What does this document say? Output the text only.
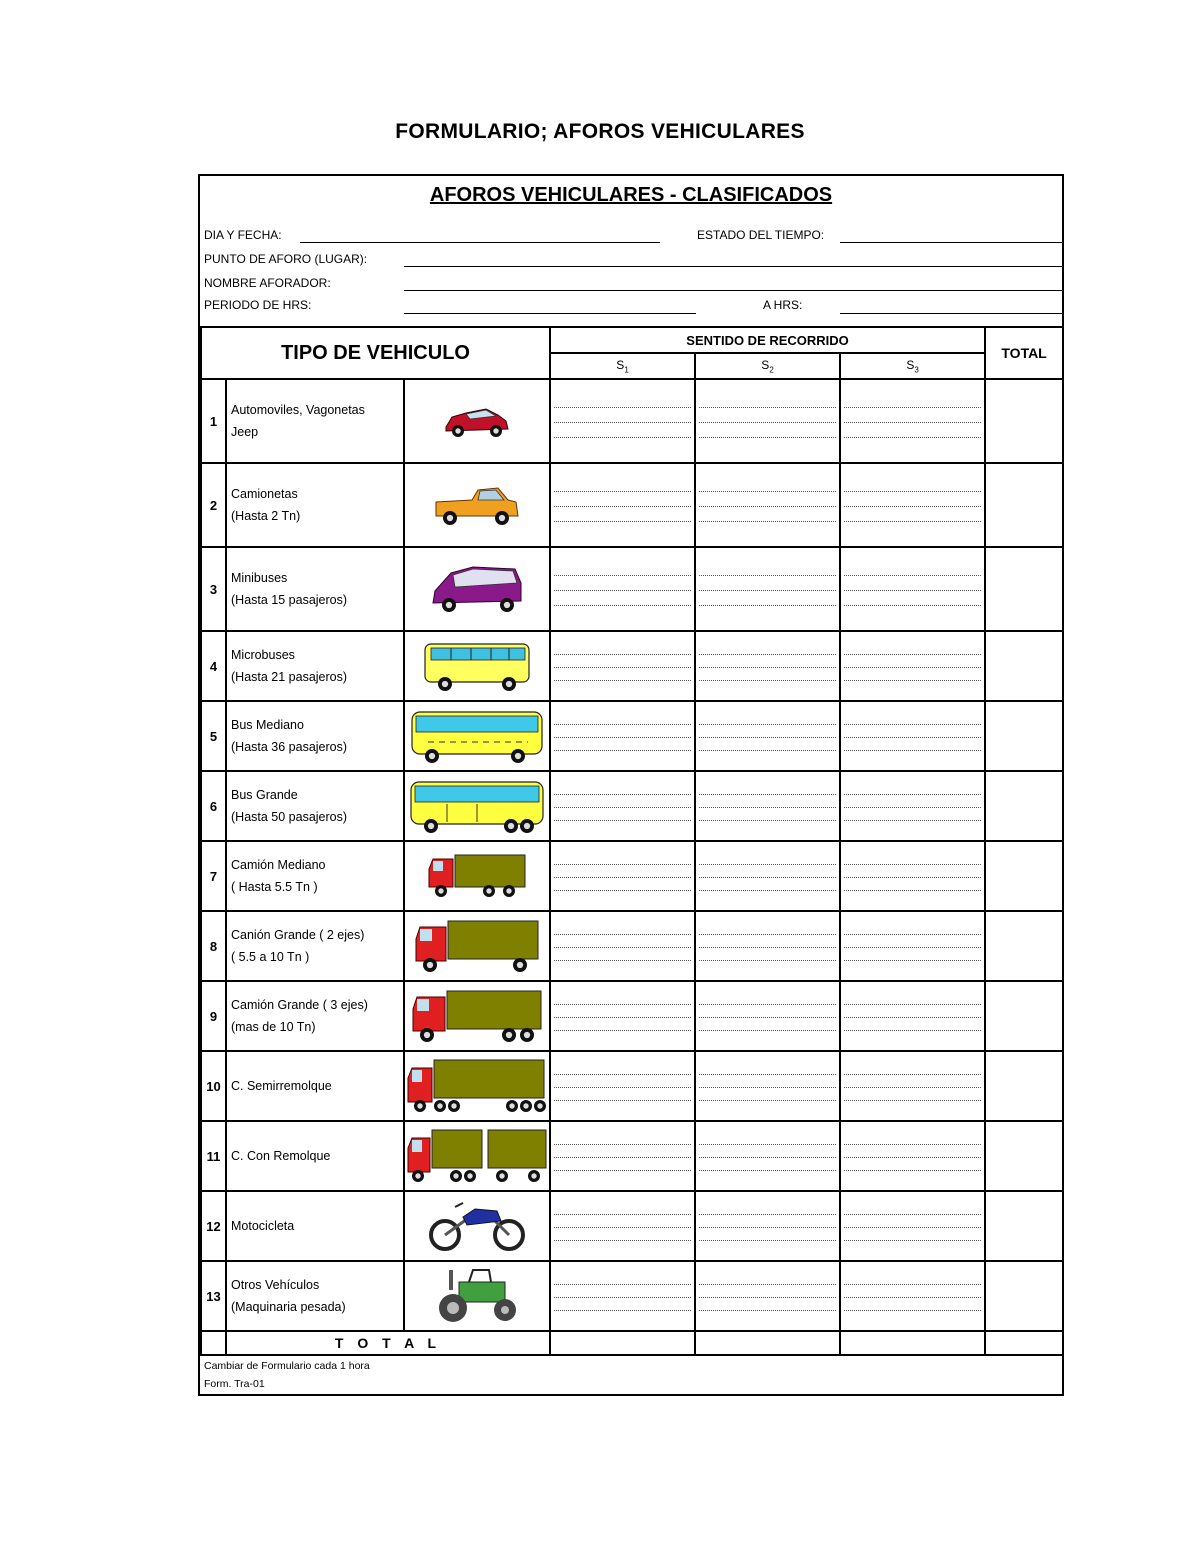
FORMULARIO; AFOROS VEHICULARES
AFOROS VEHICULARES - CLASIFICADOS
DIA Y FECHA:	ESTADO DEL TIEMPO:
PUNTO DE AFORO (LUGAR):
NOMBRE AFORADOR:
PERIODO DE HRS:	A HRS:
TIPO DE VEHICULO			SENTIDO DE RECORRIDO			TOTAL
			$S_1$	$S_2$	$S_3$
1	Automoviles, Vagonetas
Jeep

2	Camionetas
(Hasta 2 Tn)

3	Minibuses
(Hasta 15 pasajeros)

4	Microbuses
(Hasta 21 pasajeros)

5	Bus Mediano
(Hasta 36 pasajeros)

6	Bus Grande
(Hasta 50 pasajeros)

7	Camión Mediano
( Hasta 5.5 Tn )

8	Canión Grande ( 2 ejes)
( 5.5 a 10 Tn )

9	Camión Grande ( 3 ejes)
(mas de 10 Tn)

10	C. Semirremolque

11	C. Con Remolque

12	Motocicleta

13	Otros Vehículos
(Maquinaria pesada)

	T O T A L					
Cambiar de Formulario cada 1 hora
Form. Tra-01
